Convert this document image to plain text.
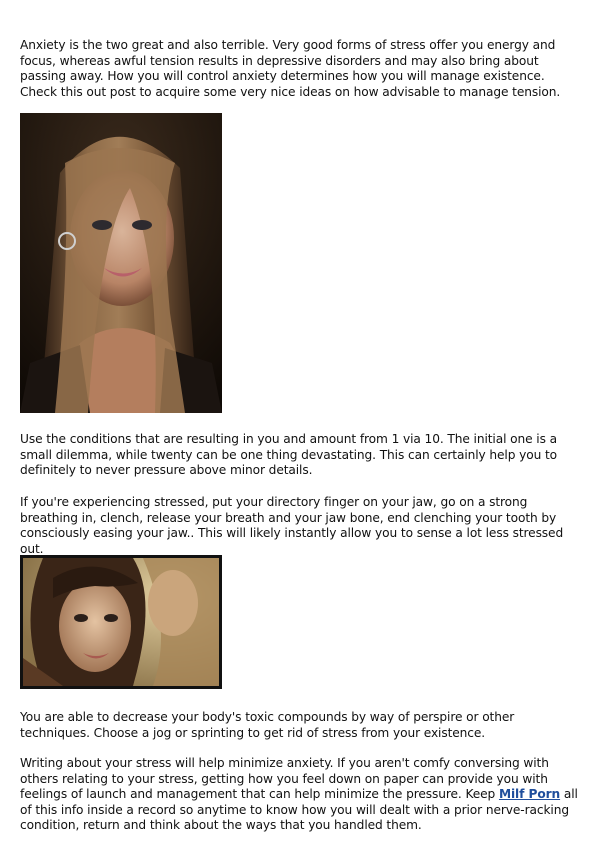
Anxiety is the two great and also terrible. Very good forms of stress offer you energy and focus, whereas awful tension results in depressive disorders and may also bring about passing away. How you will control anxiety determines how you will manage existence. Check this out post to acquire some very nice ideas on how advisable to manage tension.

Use the conditions that are resulting in you and amount from 1 via 10. The initial one is a small dilemma, while twenty can be one thing devastating. This can certainly help you to definitely to never pressure above minor details.

If you're experiencing stressed, put your directory finger on your jaw, go on a strong breathing in, clench, release your breath and your jaw bone, end clenching your tooth by consciously easing your jaw.. This will likely instantly allow you to sense a lot less stressed out.

You are able to decrease your body's toxic compounds by way of perspire or other techniques. Choose a jog or sprinting to get rid of stress from your existence.

Writing about your stress will help minimize anxiety. If you aren't comfy conversing with others relating to your stress, getting how you feel down on paper can provide you with feelings of launch and management that can help minimize the pressure. Keep Milf Porn all of this info inside a record so anytime to know how you will dealt with a prior nerve-racking condition, return and think about the ways that you handled them.
